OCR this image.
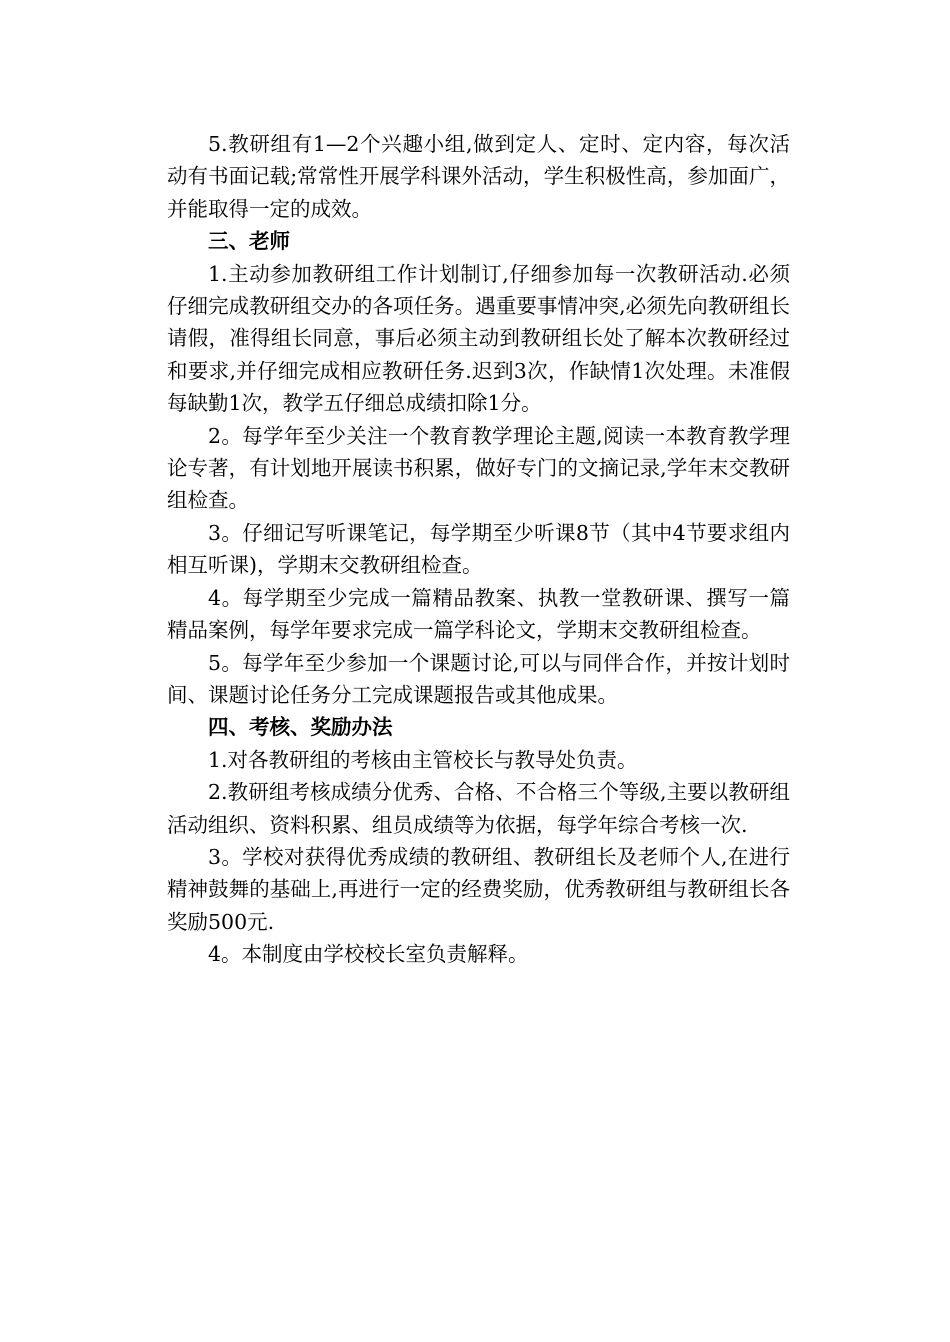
5.教研组有1—2个兴趣小组,做到定人、定时、定内容，每次活动有书面记载;常常性开展学科课外活动，学生积极性高，参加面广，并能取得一定的成效。

三、老师

1.主动参加教研组工作计划制订,仔细参加每一次教研活动.必须仔细完成教研组交办的各项任务。遇重要事情冲突,必须先向教研组长请假，准得组长同意，事后必须主动到教研组长处了解本次教研经过和要求,并仔细完成相应教研任务.迟到3次，作缺情1次处理。未准假每缺勤1次，教学五仔细总成绩扣除1分。

2。每学年至少关注一个教育教学理论主题,阅读一本教育教学理论专著，有计划地开展读书积累，做好专门的文摘记录,学年末交教研组检查。

3。仔细记写听课笔记，每学期至少听课8节（其中4节要求组内相互听课)，学期末交教研组检查。

4。每学期至少完成一篇精品教案、执教一堂教研课、撰写一篇精品案例，每学年要求完成一篇学科论文，学期末交教研组检查。

5。每学年至少参加一个课题讨论,可以与同伴合作，并按计划时间、课题讨论任务分工完成课题报告或其他成果。

四、考核、奖励办法

1.对各教研组的考核由主管校长与教导处负责。

2.教研组考核成绩分优秀、合格、不合格三个等级,主要以教研组活动组织、资料积累、组员成绩等为依据，每学年综合考核一次.

3。学校对获得优秀成绩的教研组、教研组长及老师个人,在进行精神鼓舞的基础上,再进行一定的经费奖励，优秀教研组与教研组长各奖励500元.

4。本制度由学校校长室负责解释。
